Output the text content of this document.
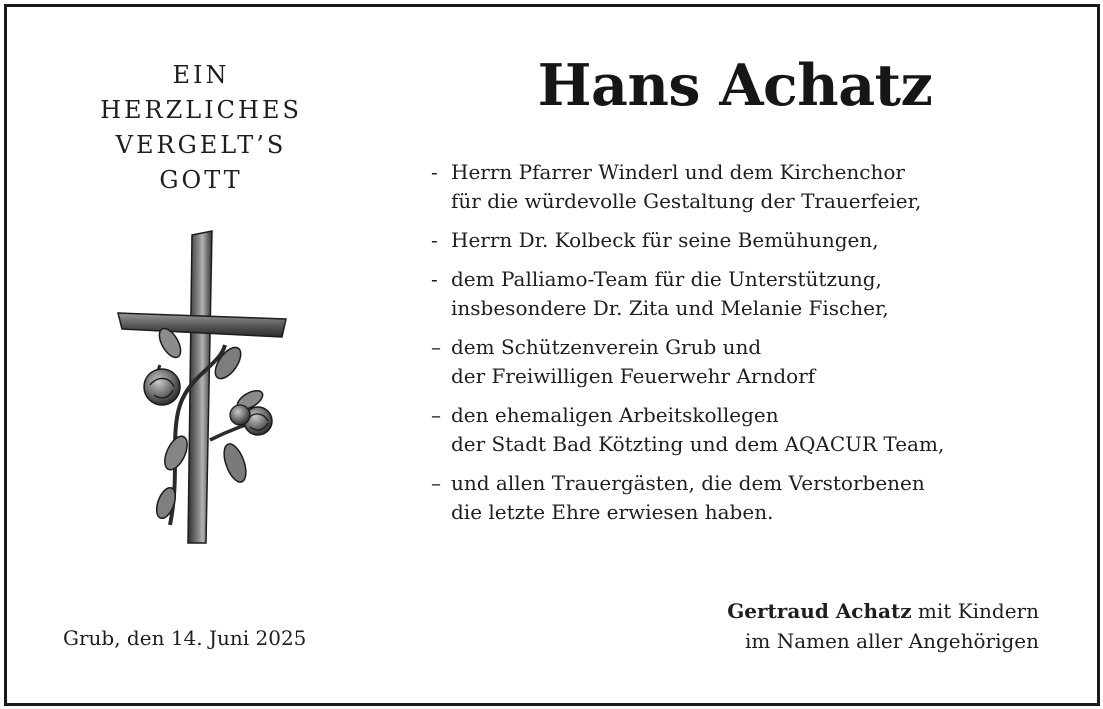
EIN
HERZLICHES
VERGELT’S
GOTT
Hans Achatz
- Herrn Pfarrer Winderl und dem Kirchenchor
für die würdevolle Gestaltung der Trauerfeier,
- Herrn Dr. Kolbeck für seine Bemühungen,
- dem Palliamo-Team für die Unterstützung,
insbesondere Dr. Zita und Melanie Fischer,
– dem Schützenverein Grub und
der Freiwilligen Feuerwehr Arndorf
– den ehemaligen Arbeitskollegen
der Stadt Bad Kötzting und dem AQACUR Team,
– und allen Trauergästen, die dem Verstorbenen
die letzte Ehre erwiesen haben.
Grub, den 14. Juni 2025
Gertraud Achatz mit Kindern
im Namen aller Angehörigen
